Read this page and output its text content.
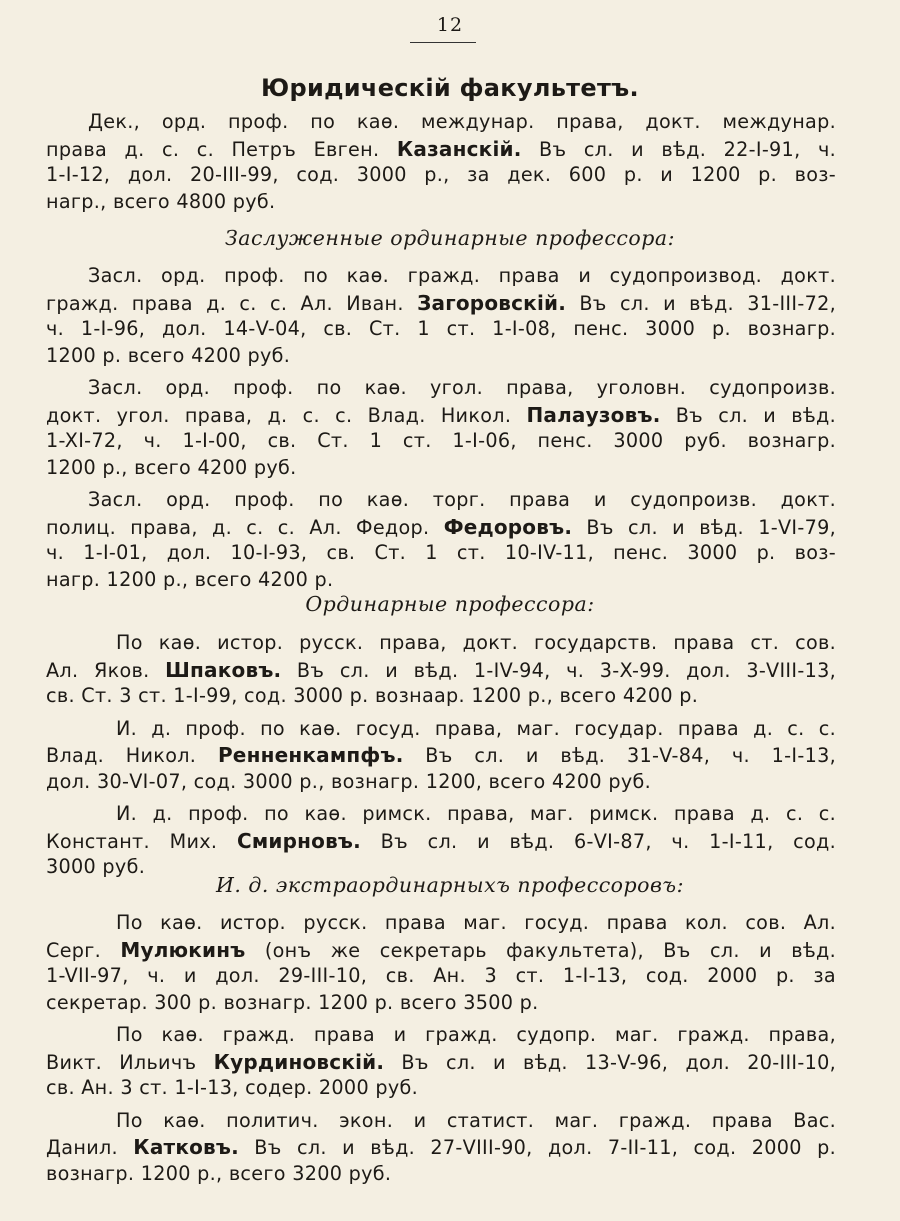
12
Юридическій факультетъ.
Дек., орд. проф. по каѳ. междунар. права, докт. междунар.
права д. с. с. Петръ Евген. Казанскій. Въ сл. и вѣд. 22-I-91, ч.
1-I-12, дол. 20-III-99, сод. 3000 р., за дек. 600 р. и 1200 р. воз-
нагр., всего 4800 руб.
Заслуженные ординарные профессора:
Засл. орд. проф. по каѳ. гражд. права и судопроизвод. докт.
гражд. права д. с. с. Ал. Иван. Загоровскій. Въ сл. и вѣд. 31-III-72,
ч. 1-I-96, дол. 14-V-04, св. Ст. 1 ст. 1-I-08, пенс. 3000 р. вознагр.
1200 р. всего 4200 руб.
Засл. орд. проф. по каѳ. угол. права, уголовн. судопроизв.
докт. угол. права, д. с. с. Влад. Никол. Палаузовъ. Въ сл. и вѣд.
1-XI-72, ч. 1-I-00, св. Ст. 1 ст. 1-I-06, пенс. 3000 руб. вознагр.
1200 р., всего 4200 руб.
Засл. орд. проф. по каѳ. торг. права и судопроизв. докт.
полиц. права, д. с. с. Ал. Федор. Федоровъ. Въ сл. и вѣд. 1-VI-79,
ч. 1-I-01, дол. 10-I-93, св. Ст. 1 ст. 10-IV-11, пенс. 3000 р. воз-
нагр. 1200 р., всего 4200 р.
Ординарные профессора:
По каѳ. истор. русск. права, докт. государств. права ст. сов.
Ал. Яков. Шпаковъ. Въ сл. и вѣд. 1-IV-94, ч. 3-X-99. дол. 3-VIII-13,
св. Ст. 3 ст. 1-I-99, сод. 3000 р. вознаар. 1200 р., всего 4200 р.
И. д. проф. по каѳ. госуд. права, маг. государ. права д. с. с.
Влад. Никол. Ренненкампфъ. Въ сл. и вѣд. 31-V-84, ч. 1-I-13,
дол. 30-VI-07, сод. 3000 р., вознагр. 1200, всего 4200 руб.
И. д. проф. по каѳ. римск. права, маг. римск. права д. с. с.
Констант. Мих. Смирновъ. Въ сл. и вѣд. 6-VI-87, ч. 1-I-11, сод.
3000 руб.
И. д. экстраординарныхъ профессоровъ:
По каѳ. истор. русск. права маг. госуд. права кол. сов. Ал.
Серг. Мулюкинъ (онъ же секретарь факультета), Въ сл. и вѣд.
1-VII-97, ч. и дол. 29-III-10, св. Ан. 3 ст. 1-I-13, сод. 2000 р. за
секретар. 300 р. вознагр. 1200 р. всего 3500 р.
По каѳ. гражд. права и гражд. судопр. маг. гражд. права,
Викт. Ильичъ Курдиновскій. Въ сл. и вѣд. 13-V-96, дол. 20-III-10,
св. Ан. 3 ст. 1-I-13, содер. 2000 руб.
По каѳ. политич. экон. и статист. маг. гражд. права Вас.
Данил. Катковъ. Въ сл. и вѣд. 27-VIII-90, дол. 7-II-11, сод. 2000 р.
вознагр. 1200 р., всего 3200 руб.
